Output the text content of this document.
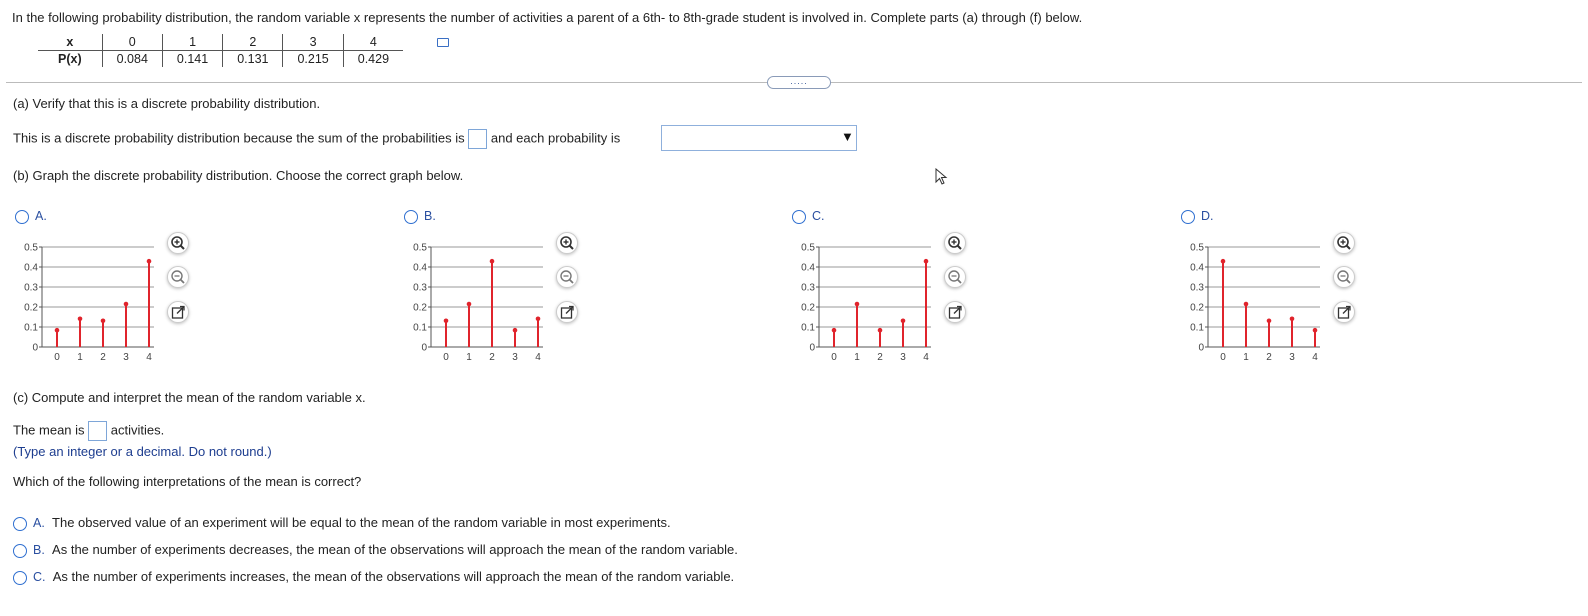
In the following probability distribution, the random variable x represents the number of activities a parent of a 6th- to 8th-grade student is involved in. Complete parts (a) through (f) below.
x	0	1	2	3	4
P(x)	0.084	0.141	0.131	0.215	0.429
.....
(a) Verify that this is a discrete probability distribution.
This is a discrete probability distribution because the sum of the probabilities is and each probability is	▼
(b) Graph the discrete probability distribution. Choose the correct graph below.
A.
0
0.1
0.2
0.3
0.4
0.5
0 1 2 3 4
B.
0
0.1
0.2
0.3
0.4
0.5
0 1 2 3 4
C.
0
0.1
0.2
0.3
0.4
0.5
0 1 2 3 4
D.
0
0.1
0.2
0.3
0.4
0.5
0 1 2 3 4
(c) Compute and interpret the mean of the random variable x.
The mean is activities.
(Type an integer or a decimal. Do not round.)
Which of the following interpretations of the mean is correct?
A. The observed value of an experiment will be equal to the mean of the random variable in most experiments.
B. As the number of experiments decreases, the mean of the observations will approach the mean of the random variable.
C. As the number of experiments increases, the mean of the observations will approach the mean of the random variable.
